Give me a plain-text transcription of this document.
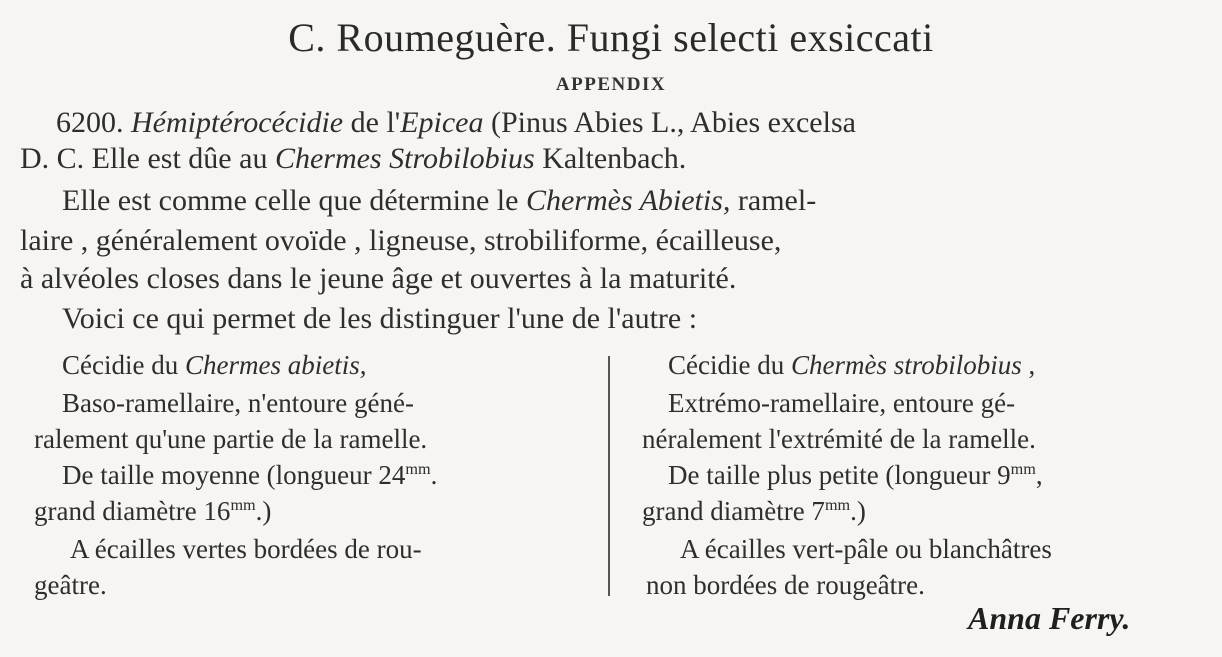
C. Roumeguère. Fungi selecti exsiccati
APPENDIX
6200. Hémiptérocécidie de l'Epicea (Pinus Abies L., Abies excelsa
D. C. Elle est dûe au Chermes Strobilobius Kaltenbach.
Elle est comme celle que détermine le Chermès Abietis, ramel-
laire , généralement ovoïde , ligneuse, strobiliforme, écailleuse,
à alvéoles closes dans le jeune âge et ouvertes à la maturité.
Voici ce qui permet de les distinguer l'une de l'autre :
Cécidie du Chermes abietis,
Baso-ramellaire, n'entoure géné-
ralement qu'une partie de la ramelle.
De taille moyenne (longueur $24^{mm}$.
grand diamètre $16^{mm}$.)
A écailles vertes bordées de rou-
geâtre.
Cécidie du Chermès strobilobius ,
Extrémo-ramellaire, entoure gé-
néralement l'extrémité de la ramelle.
De taille plus petite (longueur $9^{mm}$,
grand diamètre $7^{mm}$.)
A écailles vert-pâle ou blanchâtres
non bordées de rougeâtre.
Anna Ferry.
